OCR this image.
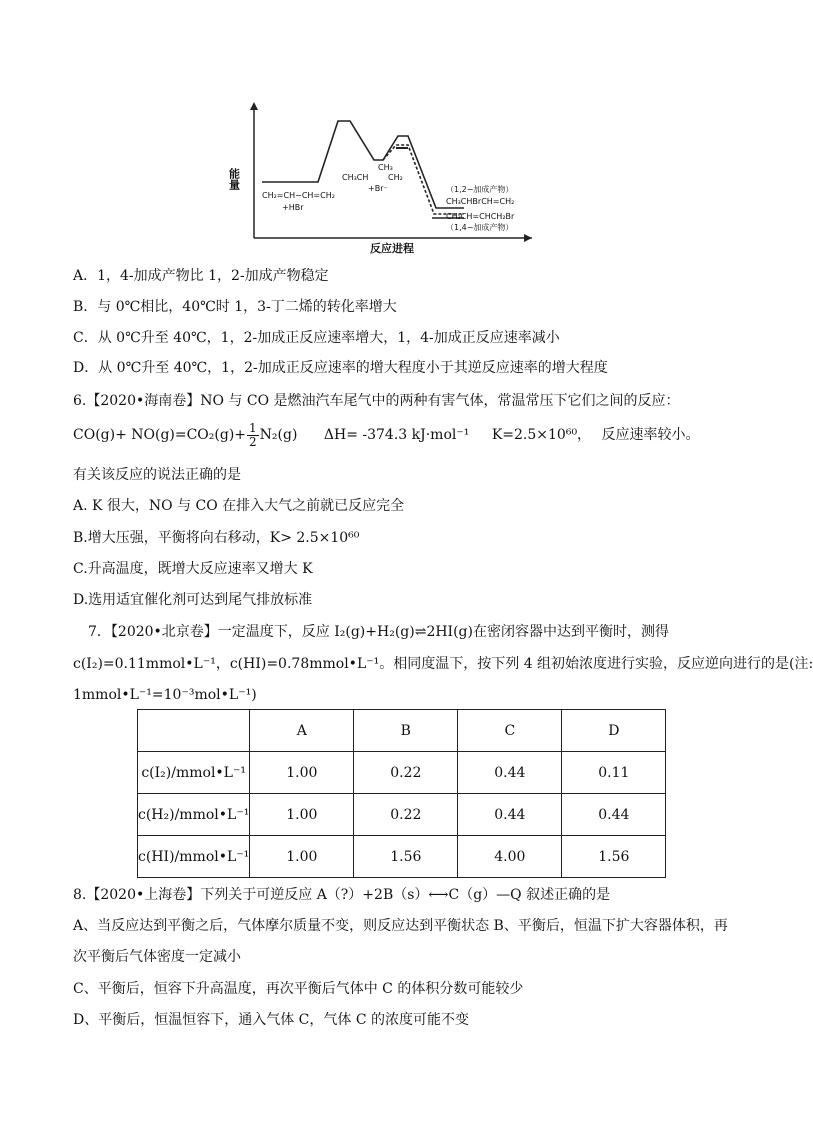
能量
反应进程
CH₂=CH−CH=CH₂
+HBr
CH₃
CH₃CH CH₂
+Br⁻	（1,2−加成产物）
CH₃CHBrCH=CH₂
CH₃CH=CHCH₂Br
（1,4−加成产物）
A．1，4-加成产物比 1，2-加成产物稳定
B．与 0℃相比，40℃时 1，3-丁二烯的转化率增大
C．从 0℃升至 40℃，1，2-加成正反应速率增大，1，4-加成正反应速率减小
D．从 0℃升至 40℃，1，2-加成正反应速率的增大程度小于其逆反应速率的增大程度
6.【2020•海南卷】NO 与 CO 是燃油汽车尾气中的两种有害气体，常温常压下它们之间的反应：
$CO(g)+ NO(g)=CO_2(g)+ \frac{1}{2} N_2(g)$ ΔH= -374.3 kJ·mol⁻¹ K=2.5×10⁶⁰， 反应速率较小。
有关该反应的说法正确的是
A. K 很大，NO 与 CO 在排入大气之前就已反应完全
B.增大压强，平衡将向右移动，K> 2.5×10⁶⁰
C.升高温度，既增大反应速率又增大 K
D.选用适宜催化剂可达到尾气排放标准
7．【2020•北京卷】一定温度下，反应 I₂(g)+H₂(g)⇌2HI(g)在密闭容器中达到平衡时，测得
c(I₂)=0.11mmol•L⁻¹，c(HI)=0.78mmol•L⁻¹。相同度温下，按下列 4 组初始浓度进行实验，反应逆向进行的是(注:
1mmol•L⁻¹=10⁻³mol•L⁻¹)
	A	B	C	D
c(I₂)/mmol•L⁻¹	1.00	0.22	0.44	0.11
c(H₂)/mmol•L⁻¹	1.00	0.22	0.44	0.44
c(HI)/mmol•L⁻¹	1.00	1.56	4.00	1.56
8.【2020•上海卷】下列关于可逆反应 A（?）+2B（s）⟷C（g）—Q 叙述正确的是
A、当反应达到平衡之后，气体摩尔质量不变，则反应达到平衡状态 B、平衡后，恒温下扩大容器体积，再
次平衡后气体密度一定减小
C、平衡后，恒容下升高温度，再次平衡后气体中 C 的体积分数可能较少
D、平衡后，恒温恒容下，通入气体 C，气体 C 的浓度可能不变
